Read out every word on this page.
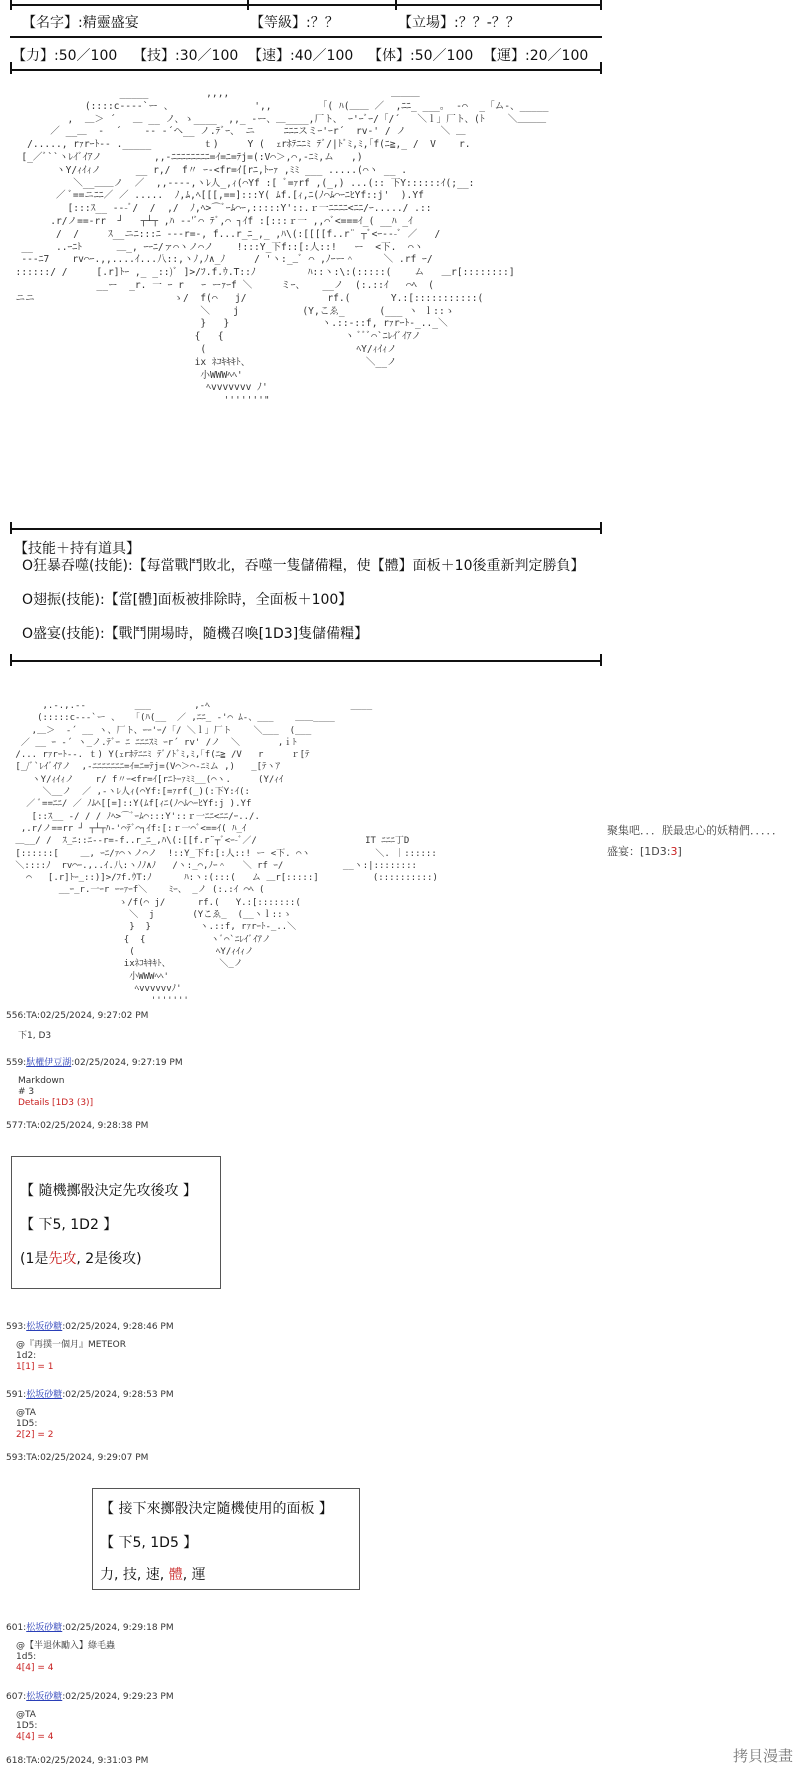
【名字】:精靈盛宴	【等級】:？？	【立場】:？？-？？
【力】:50／100 【技】:30／100 【速】:40／100 【体】:50／100 【運】:20／100
_____          ,,,,                            ＿＿＿
(::::c----`ー 、              ',,        「( ﾊ(＿＿ ／  ,ﾆﾆ_ ___｡  -⌒  _「ム-、_____
,  ＿＞ ´   ＿ __ ノ、ゝ____  ,,_ -ー、＿____,厂ト、 ｰ'ｰﾞｰ/「/´   ＼ｌ」厂ト、(ﾄ    ＼＿＿＿
／ __＿  -  ´    -- -´ヘ__ ノ.ﾃﾞｰ、 ニ     ﾆﾆﾆスミｰ'ｰr´  rv-' / ノ      ＼ ＿
/....., rｧrｰﾄ-- ._____         ｔ)     Y (  ｪrﾎﾃﾆﾆﾐ ﾃﾞ/|ﾄﾞﾐ,ﾐ,｢f(ﾆ≧,_ /  V    r.
[_／ﾞ``ヽﾚｲﾞｲｱノ         ,,-ﾆﾆﾆﾆﾆﾆﾆﾆ=ｲ=ﾆ=ﾃj=(:V⌒＞,⌒,-ﾆﾐ,ム   ,)
ヽY/ｨｲｨノ      __ r,/  f〃 ｰ‐<fr=ｲ[rﾆ,ﾄｰｧ ,ﾐﾐ ___ .....(⌒ヽ __ .
＼__＿＿ノ  ／  ,,----,ヽﾚ人_,ｨ(⌒Yf :[ ﾞ=ｧrf ,(_,) ...(:: 下Y::::::ｲ(;__:
／ ﾞ==ニﾆﾆ／ ／ .....  ﾉ,ﾑ,ﾍ[[[,==]:::Y( ﾑf.[ｨ,ﾆ(ﾉ⌒ﾑ⌒ｰﾆﾋYf::j'  ).Yf
[:::ｽ__ ---ﾞ/  /  ,/  ﾉ,ﾍ>⌒ﾞｰﾑ⌒ｰ,:::::Y'::.ｒ一ﾆﾆﾆﾆ<ﾆﾆ/ｰ...../ .::
.r/ノ==-rr  ┘   ┬┴┬ ,ﾊ --'ﾞ⌒ ﾃﾞ,⌒ ┐ｲf :[:::ｒ一 ,,⌒ﾞ<===ｲ_( __ﾊ _ｲ
/  /     ｽ__ニﾆ:::ﾆ ---r=-, f...r_ﾆ_,_ ,ﾊ\(:[[[[f..r¨ ┬ﾞ<ｰ---ﾞ ／   /
__    ..ｰﾆﾄ      ＿_, ｰｰﾆ/ァ⌒ヽノ⌒ノ    !:::Y_下f::[:人::!   ー  <下.  ⌒ヽ
---ﾆ7    rv⌒ｰ.,,....ｲ...八::,ヽﾉ,ﾉ∧_ﾉ     / 'ヽ:__ﾞ ⌒ ,ﾉｰー＾     ＼ .rf ｰ/
::::::/ /     [.r]ﾄｰ ,_ _::)ﾞ ]>/ﾌ.f.ｳ.T::ﾉ         ﾊ::ヽ:\:(:::::(    ム   ＿r[::::::::]
__ー  _r. 一 ｰ r   ｰ ーｧｰf ＼     ミｰ、   __ノ  (:.::ｲ   ⌒ﾍ  (
ニニ                        ゝ/  f(⌒   j/              rf.(       Y.:[:::::::::::(
＼    j           (Y,こゑ_      (___ ヽ ｌ::ゝ
}   }                ヽ.::-::f, rｧrｰﾄ-_.._＼
{   {                     ヽ ﾞﾞﾞ⌒`ﾆﾚｲﾞｲｱノ
(                          ﾍY/ｨｲｨノ
ix ﾈｺｷｷｷﾄ、                    ＼__ノ
小WWWﾍﾍ'
ﾍvvvvvvv ﾉ'
'''''''"
【技能＋持有道具】
O狂暴吞噬(技能):【每當戰鬥敗北，吞噬一隻儲備糧，使【體】面板＋10後重新判定勝負】
O翅振(技能):【當[體]面板被排除時，全面板＋100】
O盛宴(技能):【戰鬥開場時，隨機召喚[1D3]隻儲備糧】
,.-.,.--         ___        ,-ﾍ                          ____
(:::::c---`ー 、  「(ﾊ(__  ／ ,ﾆﾆ_ -'⌒ ﾑ-、___    ＿＿____
,＿＞  -´ __ ヽ、厂ト、ｰｰ'ｰ/「/ ＼ｌ」厂ト    ＼___  (___
／ __ ｰ -´ ヽ_ノ.ﾃﾞｰ ﾆ ﾆﾆﾆｽﾐ ｰr´ rv' /ノ  ＼       ,ｉﾄ
/... rｧrｰﾄ--. ｔ) Y(ｪrﾎﾃﾆﾆﾐ ﾃﾞ/ﾄﾞﾐ,ﾐ,｢f(ﾆ≧ /V   r     ｒ[ﾃ
[_/ﾞ`ﾚｲﾞｲｱノ  ,-ﾆﾆﾆﾆﾆﾆﾆ=ｲ=ﾆ=ﾃj=(V⌒＞⌒-ﾆﾐム ,)   _[ﾃヽｱ
ヽY/ｨｲｨノ    r/ f〃ｰ<fr=ｲ[rﾆﾄｰｧﾐﾐ__(⌒ヽ.     (Y/ｨｲ
＼__ノ  ／ ,-ヽﾚ人ｨ(⌒Yf:[=ｧrf(_)(:下Y:ｲ(:
／ ﾞ==ﾆﾆ/ ／ ﾉﾑﾍ[[=]::Y(ﾑf[ｨﾆ(ﾉ⌒ﾑ⌒ｰﾋYf:j ).Yf
[::ｽ__ -/ / / ﾉﾍ>⌒ﾞｰﾑ⌒:::Y'::ｒ一ﾆﾆ<ﾆﾆ/ｰ../.
,.r/ノ==rr ┘ ┬┴┬ﾊ-'⌒ﾃﾞ⌒┐ｲf:[:ｒ一⌒ﾞ<==ｲ( ﾊ_ｲ
＿__/ /  ｽ_ﾆ::ﾆ--r=-f..r_ﾆ_,ﾊ\(:[[f.r¨┬ﾞ<ｰ-ﾞ／/                    IT ﾆﾆﾆ丁D
[::::::[    ＿, ｰﾆ/ｧ⌒ヽノ⌒ノ  !::Y_下f:[:人::! ー <下. ⌒ヽ            ＼. ｜::::::
＼::::ﾉ  rv⌒ｰ.,..ｲ.八:ヽﾉﾉ∧ﾉ   /ヽ:_⌒,ﾉｰ＾   ＼ rf ｰ/           __ヽ:|::::::::
⌒   [.r]ﾄｰ_::)]>/ﾌf.ｳT:ﾉ      ﾊ:ヽ:(:::(   ム ＿r[:::::]          (::::::::::)
__ｰ_r.一ｰr ｰｰｧｰf＼    ﾐｰ、 _ノ (:.:ｲ ⌒ﾍ (
ゝ/f(⌒ j/      rf.(   Y.:[:::::::(
＼  j       (Yこゑ_  (__ヽｌ::ゝ
}  }         ヽ.::f, rｧrｰﾄ-_..＼
{  {            ヽﾞ⌒`ﾆﾚｲﾞｲｱノ
(               ﾍY/ｨｲｨノ
ixﾈｺｷｷｷﾄ、         ＼_ノ
小WWWﾍﾍ'
ﾍvvvvvvﾉ'
'''''''
聚集吧．．．朕最忠心的妖精們．．．．．
盛宴：[1D3:3]
556:TA:02/25/2024, 9:27:02 PM
下1, D3
559:馱權伊豆湖:02/25/2024, 9:27:19 PM
Markdown
# 3
Details [1D3 (3)]
577:TA:02/25/2024, 9:28:38 PM
【 隨機擲骰決定先攻後攻 】
【 下5, 1D2 】
(1是先攻, 2是後攻)
593:松坂砂糖:02/25/2024, 9:28:46 PM
@『再撲一個月』METEOR
1d2:
1[1] = 1
591:松坂砂糖:02/25/2024, 9:28:53 PM
@TA
1D5:
2[2] = 2
593:TA:02/25/2024, 9:29:07 PM
【 接下來擲骰決定隨機使用的面板 】
【 下5, 1D5 】
力, 技, 速, 體, 運
601:松坂砂糖:02/25/2024, 9:29:18 PM
@【半退休勵入】綠毛蟲
1d5:
4[4] = 4
607:松坂砂糖:02/25/2024, 9:29:23 PM
@TA
1D5:
4[4] = 4
618:TA:02/25/2024, 9:31:03 PM	拷貝漫畫
